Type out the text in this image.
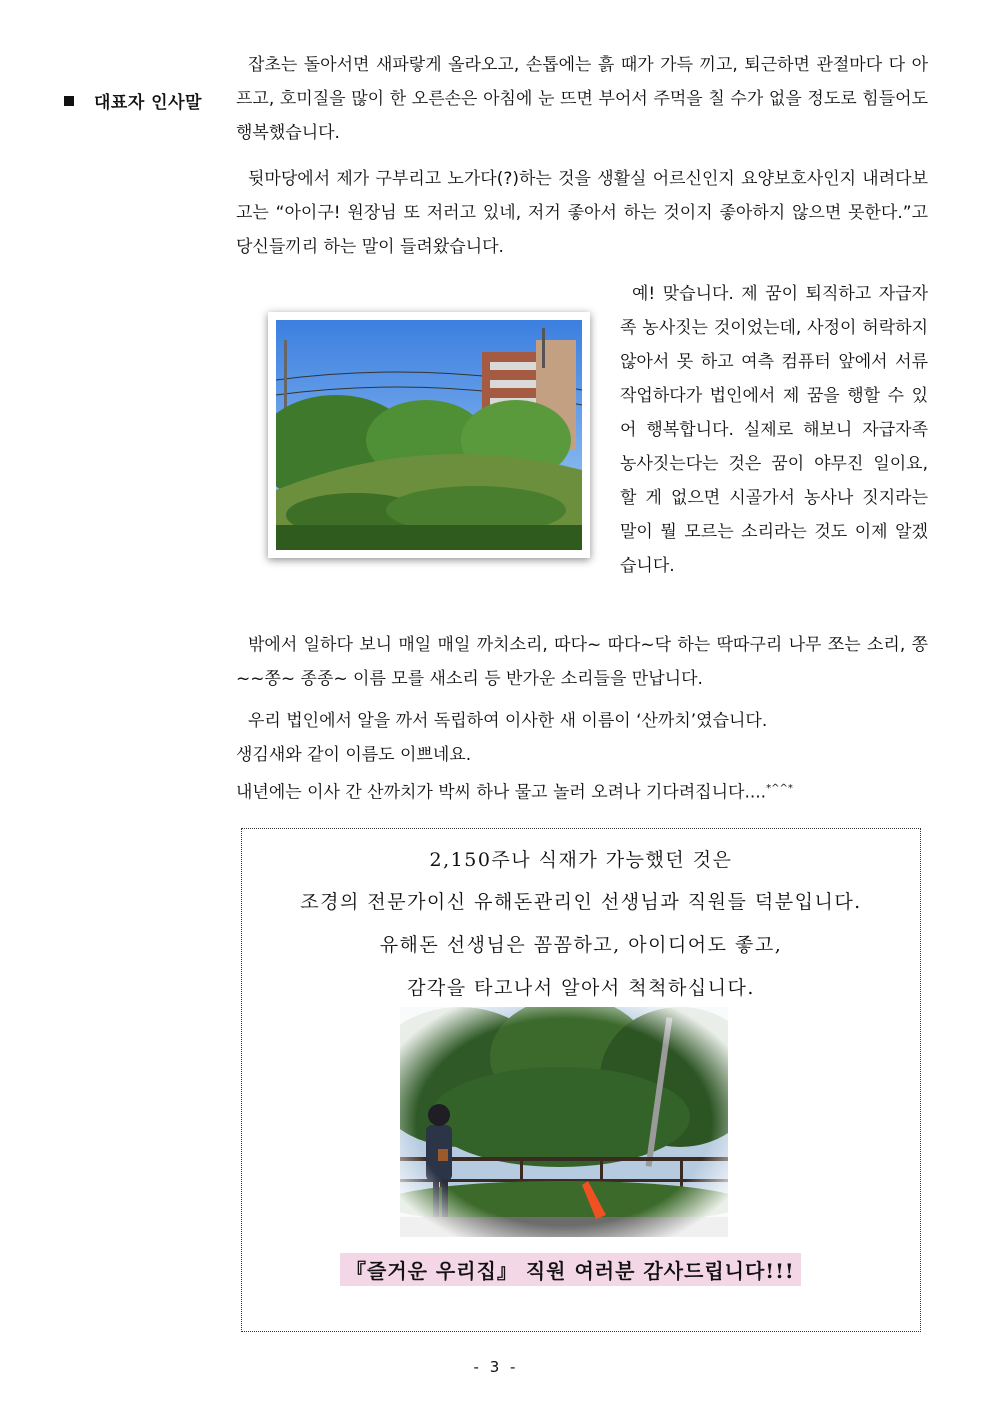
대표자 인사말

잡초는 돌아서면 새파랗게 올라오고, 손톱에는 흙 때가 가득 끼고, 퇴근하면 관절마다 다 아프고, 호미질을 많이 한 오른손은 아침에 눈 뜨면 부어서 주먹을 칠 수가 없을 정도로 힘들어도 행복했습니다.

뒷마당에서 제가 구부리고 노가다(?)하는 것을 생활실 어르신인지 요양보호사인지 내려다보고는 “아이구! 원장님 또 저러고 있네, 저거 좋아서 하는 것이지 좋아하지 않으면 못한다.”고 당신들끼리 하는 말이 들려왔습니다.

예! 맞습니다. 제 꿈이 퇴직하고 자급자족 농사짓는 것이었는데, 사정이 허락하지 않아서 못 하고 여측 컴퓨터 앞에서 서류 작업하다가 법인에서 제 꿈을 행할 수 있어 행복합니다. 실제로 해보니 자급자족 농사짓는다는 것은 꿈이 야무진 일이요, 할 게 없으면 시골가서 농사나 짓지라는 말이 뭘 모르는 소리라는 것도 이제 알겠습니다.

밖에서 일하다 보니 매일 매일 까치소리, 따다~ 따다~닥 하는 딱따구리 나무 쪼는 소리, 쫑~~쫑~ 종종~ 이름 모를 새소리 등 반가운 소리들을 만납니다.

우리 법인에서 알을 까서 독립하여 이사한 새 이름이 ‘산까치’였습니다.
생김새와 같이 이름도 이쁘네요.
내년에는 이사 간 산까치가 박씨 하나 물고 놀러 오려나 기다려집니다....*^^*
2,150주나 식재가 가능했던 것은
조경의 전문가이신 유해돈관리인 선생님과 직원들 덕분입니다.
유해돈 선생님은 꼼꼼하고, 아이디어도 좋고,
감각을 타고나서 알아서 척척하십니다.
『즐거운 우리집』 직원 여러분 감사드립니다!!!
- 3 -
